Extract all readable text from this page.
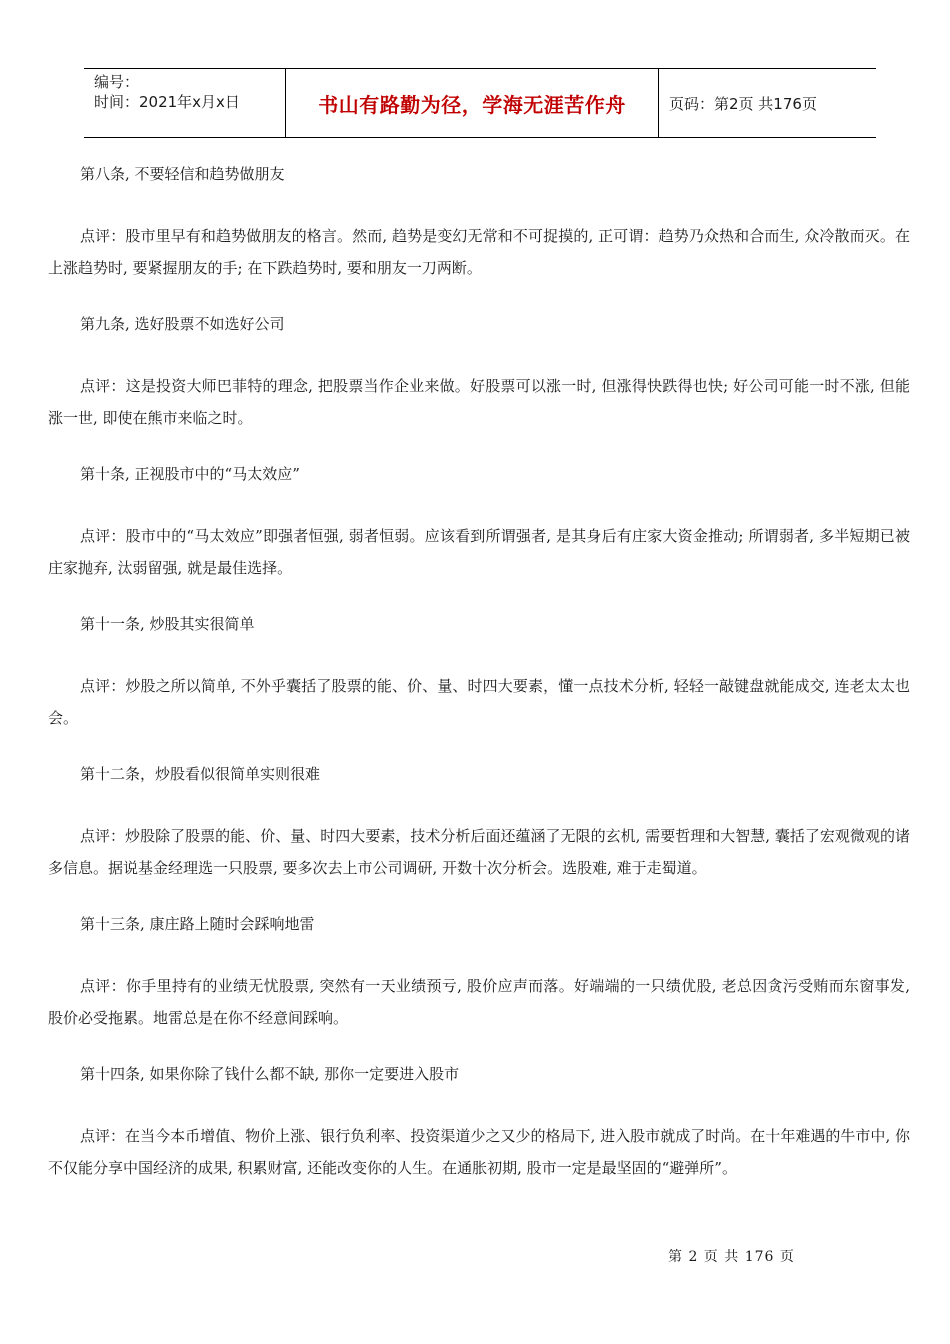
编号：
时间：2021年x月x日	书山有路勤为径，学海无涯苦作舟	页码：第2页 共176页

第八条, 不要轻信和趋势做朋友

点评：股市里早有和趋势做朋友的格言。然而, 趋势是变幻无常和不可捉摸的, 正可谓：趋势乃众热和合而生, 众冷散而灭。在上涨趋势时, 要紧握朋友的手; 在下跌趋势时, 要和朋友一刀两断。

第九条, 选好股票不如选好公司

点评：这是投资大师巴菲特的理念, 把股票当作企业来做。好股票可以涨一时, 但涨得快跌得也快; 好公司可能一时不涨, 但能涨一世, 即使在熊市来临之时。

第十条, 正视股市中的“马太效应”

点评：股市中的“马太效应”即强者恒强, 弱者恒弱。应该看到所谓强者, 是其身后有庄家大资金推动; 所谓弱者, 多半短期已被庄家抛弃, 汰弱留强, 就是最佳选择。

第十一条, 炒股其实很简单

点评：炒股之所以简单, 不外乎囊括了股票的能、价、量、时四大要素，懂一点技术分析, 轻轻一敲键盘就能成交, 连老太太也会。

第十二条，炒股看似很简单实则很难

点评：炒股除了股票的能、价、量、时四大要素，技术分析后面还蕴涵了无限的玄机, 需要哲理和大智慧, 囊括了宏观微观的诸多信息。据说基金经理选一只股票, 要多次去上市公司调研, 开数十次分析会。选股难, 难于走蜀道。

第十三条, 康庄路上随时会踩响地雷

点评：你手里持有的业绩无忧股票, 突然有一天业绩预亏, 股价应声而落。好端端的一只绩优股, 老总因贪污受贿而东窗事发, 股价必受拖累。地雷总是在你不经意间踩响。

第十四条, 如果你除了钱什么都不缺, 那你一定要进入股市

点评：在当今本币增值、物价上涨、银行负利率、投资渠道少之又少的格局下, 进入股市就成了时尚。在十年难遇的牛市中, 你不仅能分享中国经济的成果, 积累财富, 还能改变你的人生。在通胀初期, 股市一定是最坚固的“避弹所”。

第 2 页 共 176 页
